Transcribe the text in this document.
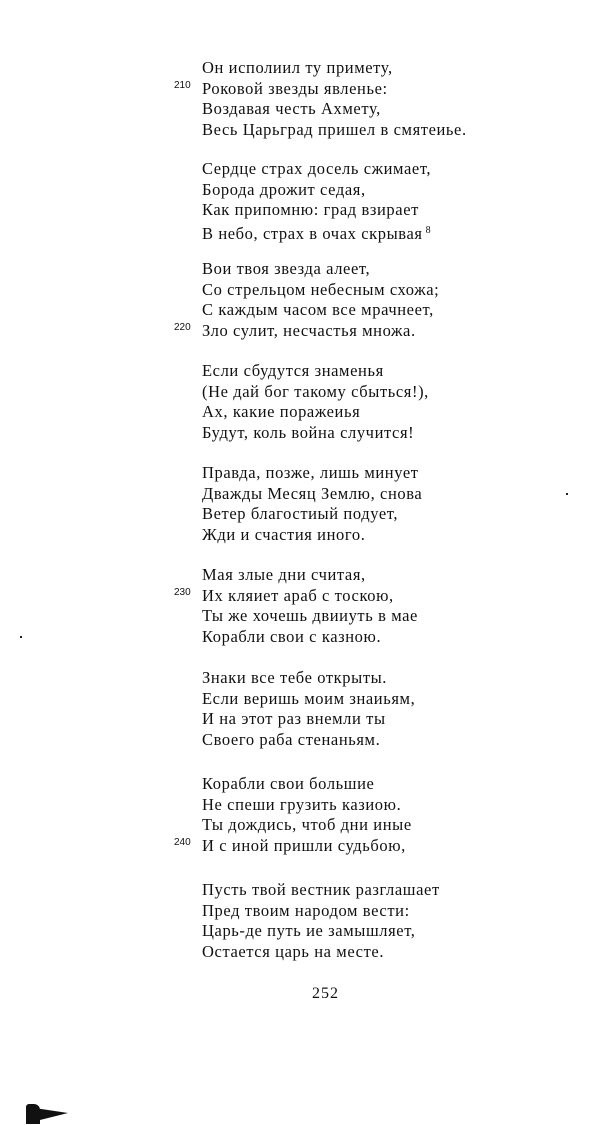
Он исполиил ту примету,
210 Роковой звезды явленье:
Воздавая честь Ахмету,
Весь Царьград пришел в смятеиье.
Сердце страх досель сжимает,
Борода дрожит седая,
Как припомню: град взирает
В небо, страх в очах скрывая $^8$
Вои твоя звезда алеет,
Со стрельцом небесным схожа;
С каждым часом все мрачнеет,
220 Зло сулит, несчастья множа.
Если сбудутся знаменья
(Не дай бог такому сбыться!),
Ах, какие поражеиья
Будут, коль война случится!
Правда, позже, лишь минует
Дважды Месяц Землю, снова
Ветер благостиый подует,
Жди и счастия иного.
Мая злые дни считая,
230 Их кляиет араб с тоскою,
Ты же хочешь двииуть в мае
Корабли свои с казною.
Знаки все тебе открыты.
Если веришь моим знаиьям,
И на этот раз внемли ты
Своего раба стенаньям.
Корабли свои большие
Не спеши грузить казиою.
Ты дождись, чтоб дни иные
240 И с иной пришли судьбою,
Пусть твой вестник разглашает
Пред твоим народом вести:
Царь-де путь ие замышляет,
Остается царь на месте.
252
